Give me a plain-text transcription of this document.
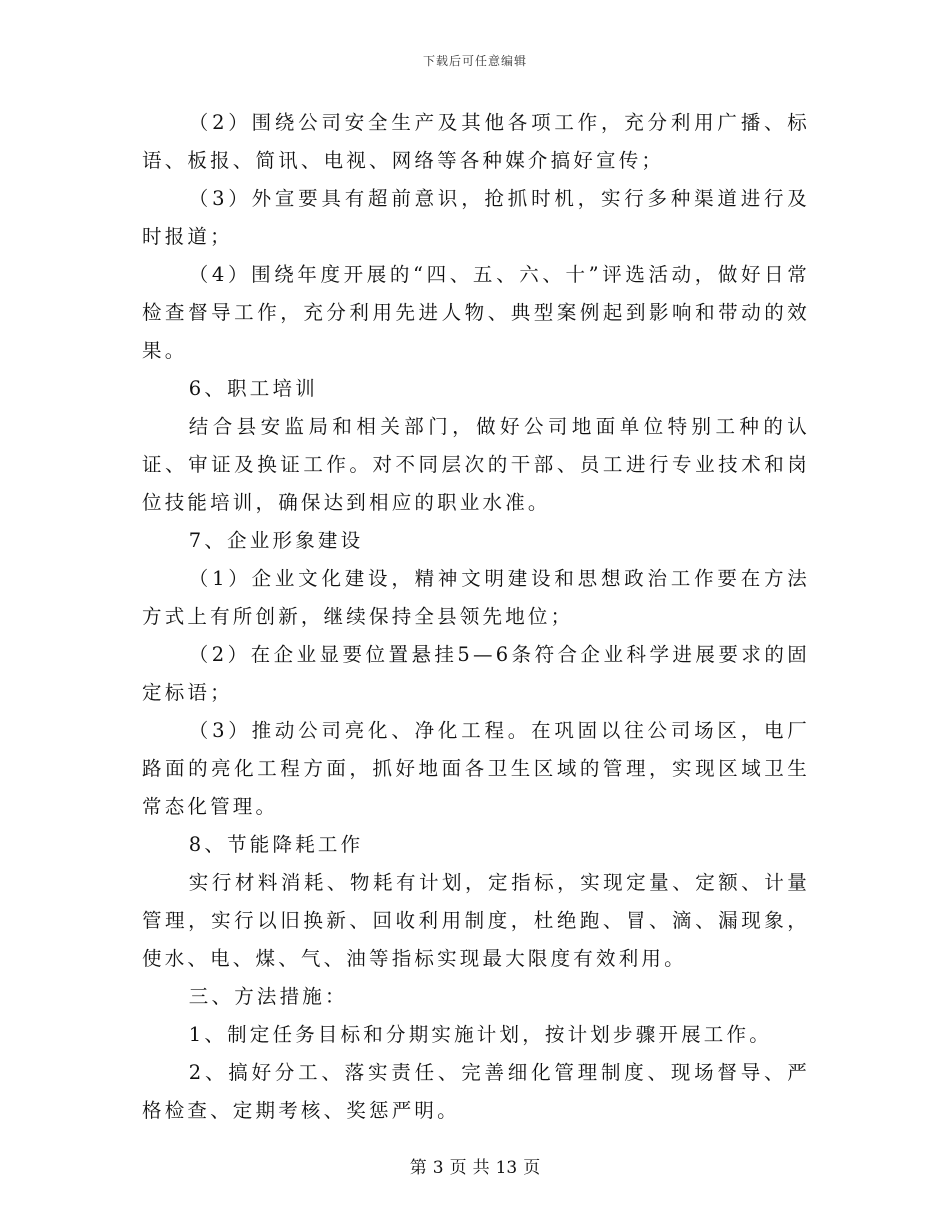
下载后可任意编辑

（2）围绕公司安全生产及其他各项工作，充分利用广播、标语、板报、简讯、电视、网络等各种媒介搞好宣传；

（3）外宣要具有超前意识，抢抓时机，实行多种渠道进行及时报道；

（4）围绕年度开展的“四、五、六、十”评选活动，做好日常检查督导工作，充分利用先进人物、典型案例起到影响和带动的效果。

6、职工培训

结合县安监局和相关部门，做好公司地面单位特别工种的认证、审证及换证工作。对不同层次的干部、员工进行专业技术和岗位技能培训，确保达到相应的职业水准。

7、企业形象建设

（1）企业文化建设，精神文明建设和思想政治工作要在方法方式上有所创新，继续保持全县领先地位；

（2）在企业显要位置悬挂5—6条符合企业科学进展要求的固定标语；

（3）推动公司亮化、净化工程。在巩固以往公司场区，电厂路面的亮化工程方面，抓好地面各卫生区域的管理，实现区域卫生常态化管理。

8、节能降耗工作

实行材料消耗、物耗有计划，定指标，实现定量、定额、计量管理，实行以旧换新、回收利用制度，杜绝跑、冒、滴、漏现象，使水、电、煤、气、油等指标实现最大限度有效利用。

三、方法措施：

1、制定任务目标和分期实施计划，按计划步骤开展工作。

2、搞好分工、落实责任、完善细化管理制度、现场督导、严格检查、定期考核、奖惩严明。

第 3 页 共 13 页
